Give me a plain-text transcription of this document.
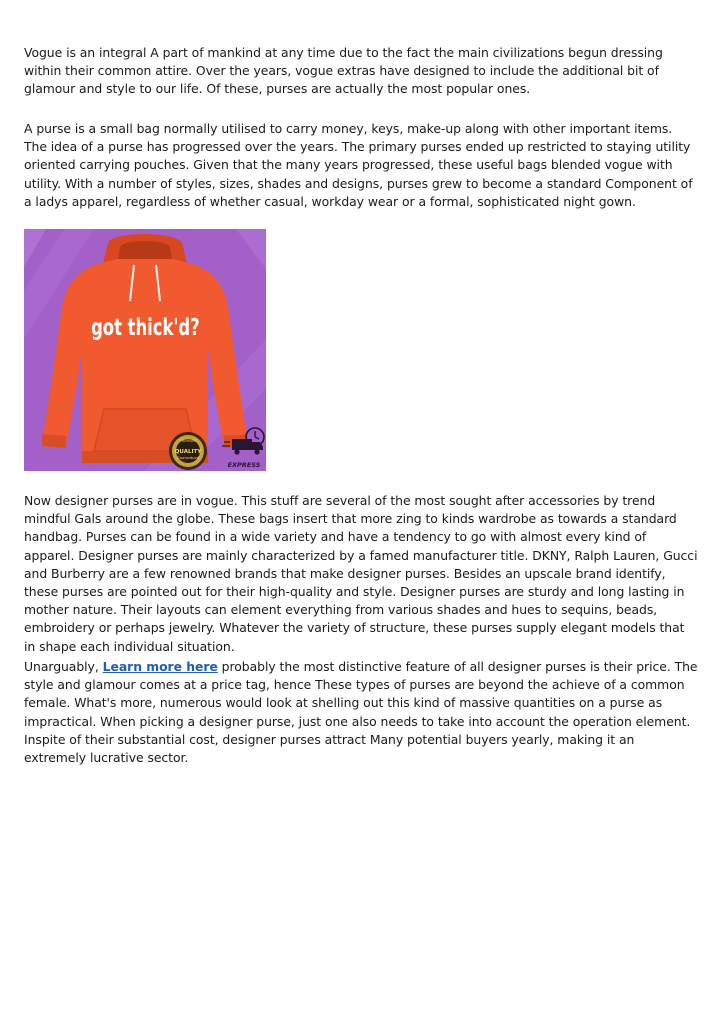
Vogue is an integral A part of mankind at any time due to the fact the main civilizations begun dressing within their common attire. Over the years, vogue extras have designed to include the additional bit of glamour and style to our life. Of these, purses are actually the most popular ones.

A purse is a small bag normally utilised to carry money, keys, make-up along with other important items. The idea of a purse has progressed over the years. The primary purses ended up restricted to staying utility oriented carrying pouches. Given that the many years progressed, these useful bags blended vogue with utility. With a number of styles, sizes, shades and designs, purses grew to become a standard Component of a ladys apparel, regardless of whether casual, workday wear or a formal, sophisticated night gown.

got thick'd?
PREMIUM
QUALITY
Guaranteed
EXPRESS

Now designer purses are in vogue. This stuff are several of the most sought after accessories by trend mindful Gals around the globe. These bags insert that more zing to kinds wardrobe as towards a standard handbag. Purses can be found in a wide variety and have a tendency to go with almost every kind of apparel. Designer purses are mainly characterized by a famed manufacturer title. DKNY, Ralph Lauren, Gucci and Burberry are a few renowned brands that make designer purses. Besides an upscale brand identify, these purses are pointed out for their high-quality and style. Designer purses are sturdy and long lasting in mother nature. Their layouts can element everything from various shades and hues to sequins, beads, embroidery or perhaps jewelry. Whatever the variety of structure, these purses supply elegant models that in shape each individual situation.

Unarguably, Learn more here probably the most distinctive feature of all designer purses is their price. The style and glamour comes at a price tag, hence These types of purses are beyond the achieve of a common female. What's more, numerous would look at shelling out this kind of massive quantities on a purse as impractical. When picking a designer purse, just one also needs to take into account the operation element. Inspite of their substantial cost, designer purses attract Many potential buyers yearly, making it an extremely lucrative sector.
